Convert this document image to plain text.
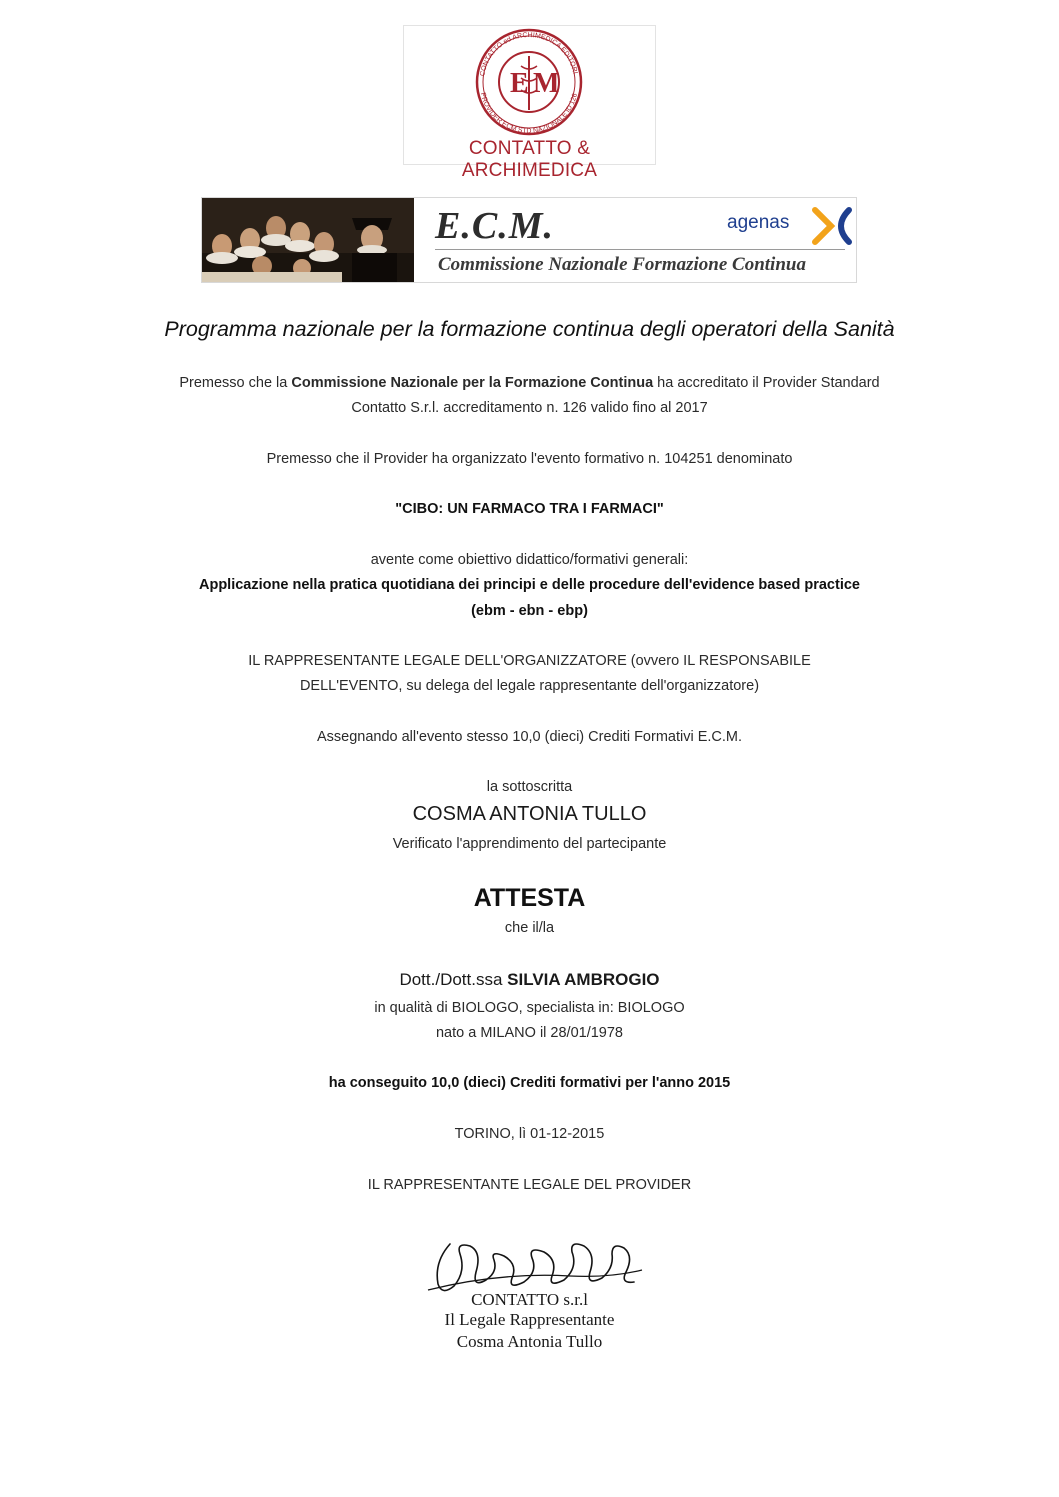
E M
CONTATTO ed ARCHIMEDICA EDITORI
PROVIDER ECM STD NAZIONALE ID 126
CONTATTO & ARCHIMEDICA
E.C.M.
Commissione Nazionale Formazione Continua
agenas
Programma nazionale per la formazione continua degli operatori della Sanità
Premesso che la Commissione Nazionale per la Formazione Continua ha accreditato il Provider Standard
Contatto S.r.l. accreditamento n. 126 valido fino al 2017
Premesso che il Provider ha organizzato l'evento formativo n. 104251 denominato
"CIBO: UN FARMACO TRA I FARMACI"
avente come obiettivo didattico/formativi generali:
Applicazione nella pratica quotidiana dei principi e delle procedure dell'evidence based practice
(ebm - ebn - ebp)
IL RAPPRESENTANTE LEGALE DELL'ORGANIZZATORE (ovvero IL RESPONSABILE
DELL'EVENTO, su delega del legale rappresentante dell'organizzatore)
Assegnando all'evento stesso 10,0 (dieci) Crediti Formativi E.C.M.
la sottoscritta
COSMA ANTONIA TULLO
Verificato l'apprendimento del partecipante
ATTESTA
che il/la
Dott./Dott.ssa SILVIA AMBROGIO
in qualità di BIOLOGO, specialista in: BIOLOGO
nato a MILANO il 28/01/1978
ha conseguito 10,0 (dieci) Crediti formativi per l'anno 2015
TORINO, lì 01-12-2015
IL RAPPRESENTANTE LEGALE DEL PROVIDER
CONTATTO s.r.l
Il Legale Rappresentante
Cosma Antonia Tullo
